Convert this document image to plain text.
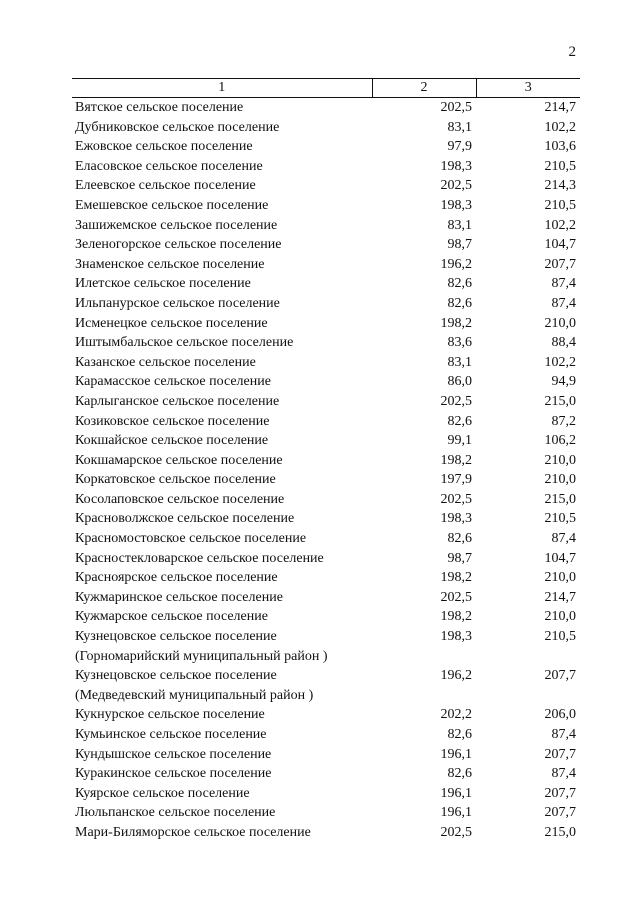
2
1	2	3

Вятское сельское поселение	202,5	214,7

Дубниковское сельское поселение	83,1	102,2

Ежовское сельское поселение	97,9	103,6

Еласовское сельское поселение	198,3	210,5

Елеевское сельское поселение	202,5	214,3

Емешевское сельское поселение	198,3	210,5

Зашижемское сельское поселение	83,1	102,2

Зеленогорское сельское поселение	98,7	104,7

Знаменское сельское поселение	196,2	207,7

Илетское сельское поселение	82,6	87,4

Ильпанурское сельское поселение	82,6	87,4

Исменецкое сельское поселение	198,2	210,0

Иштымбальское сельское поселение	83,6	88,4

Казанское сельское поселение	83,1	102,2

Карамасское сельское поселение	86,0	94,9

Карлыганское сельское поселение	202,5	215,0

Козиковское сельское поселение	82,6	87,2

Кокшайское сельское поселение	99,1	106,2

Кокшамарское сельское поселение	198,2	210,0

Коркатовское сельское поселение	197,9	210,0

Косолаповское сельское поселение	202,5	215,0

Красноволжское сельское поселение	198,3	210,5

Красномостовское сельское поселение	82,6	87,4

Красностекловарское сельское поселение	98,7	104,7

Красноярское сельское поселение	198,2	210,0

Кужмаринское сельское поселение	202,5	214,7

Кужмарское сельское поселение	198,2	210,0

Кузнецовское сельское поселение
(Горномарийский муниципальный район )	198,3	210,5

Кузнецовское сельское поселение
(Медведевский муниципальный район )	196,2	207,7

Кукнурское сельское поселение	202,2	206,0

Кумьинское сельское поселение	82,6	87,4

Кундышское сельское поселение	196,1	207,7

Куракинское сельское поселение	82,6	87,4

Куярское сельское поселение	196,1	207,7

Люльпанское сельское поселение	196,1	207,7

Мари-Биляморское сельское поселение	202,5	215,0
